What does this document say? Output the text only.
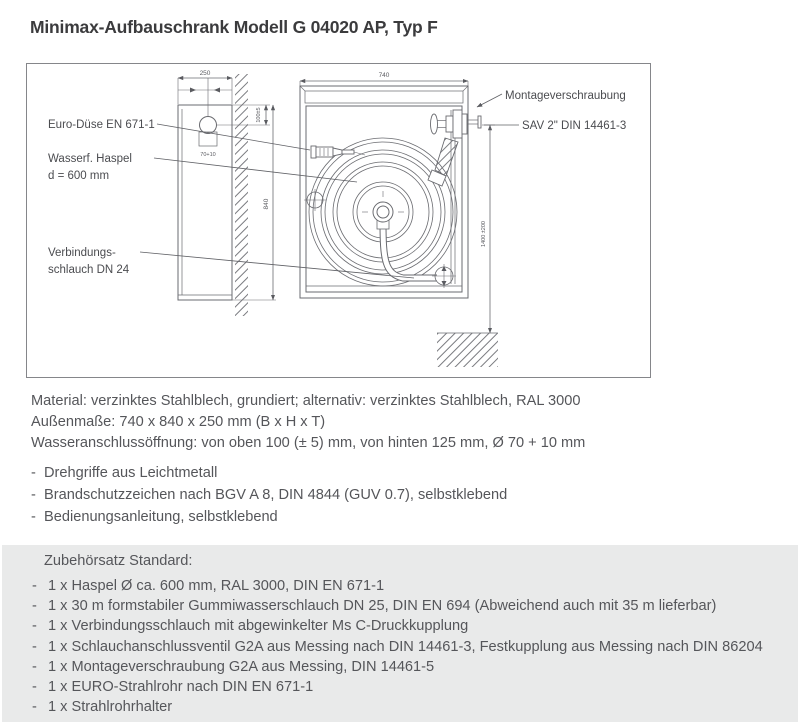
Minimax-Aufbauschrank Modell G 04020 AP, Typ F
250
70+10
100±5
840
740
1400 ±200
Euro-Düse EN 671-1
Wasserf. Haspel
d = 600 mm
Verbindungs-
schlauch DN 24
Montageverschraubung
SAV 2" DIN 14461-3
Material: verzinktes Stahlblech, grundiert; alternativ: verzinktes Stahlblech, RAL 3000
Außenmaße: 740 x 840 x 250 mm (B x H x T)
Wasseranschlussöffnung: von oben 100 (± 5) mm, von hinten 125 mm, Ø 70 + 10 mm
- Drehgriffe aus Leichtmetall
- Brandschutzzeichen nach BGV A 8, DIN 4844 (GUV 0.7), selbstklebend
- Bedienungsanleitung, selbstklebend
Zubehörsatz Standard:
- 1 x Haspel Ø ca. 600 mm, RAL 3000, DIN EN 671-1
- 1 x 30 m formstabiler Gummiwasserschlauch DN 25, DIN EN 694 (Abweichend auch mit 35 m lieferbar)
- 1 x Verbindungsschlauch mit abgewinkelter Ms C-Druckkupplung
- 1 x Schlauchanschlussventil G2A aus Messing nach DIN 14461-3, Festkupplung aus Messing nach DIN 86204
- 1 x Montageverschraubung G2A aus Messing, DIN 14461-5
- 1 x EURO-Strahlrohr nach DIN EN 671-1
- 1 x Strahlrohrhalter
